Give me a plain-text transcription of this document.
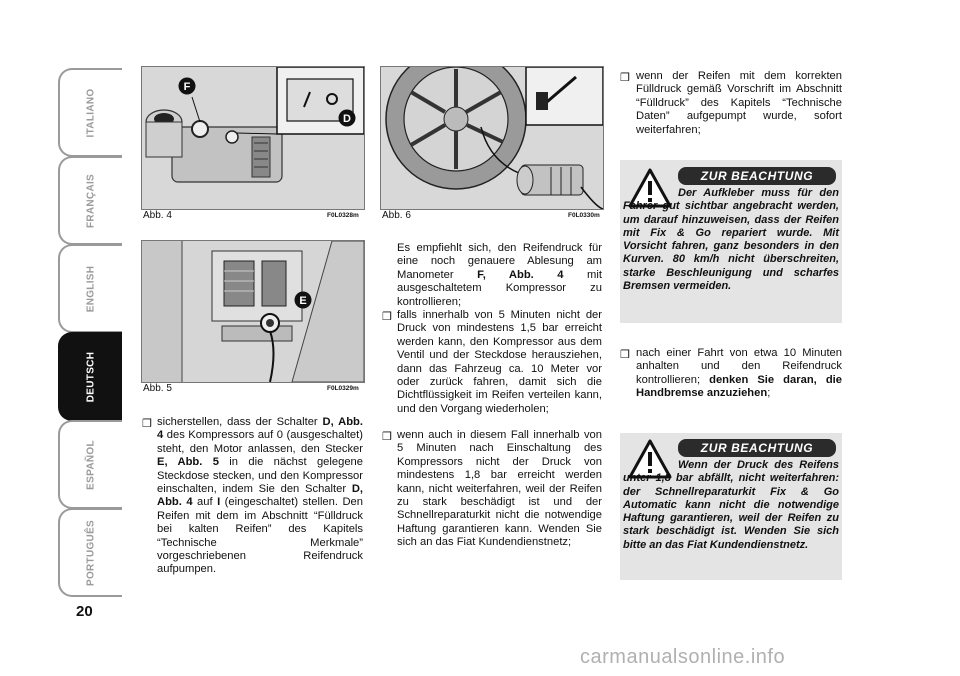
ITALIANO
FRANÇAIS
ENGLISH
DEUTSCH
ESPAÑOL
PORTUGUÊS
20
F
D
Abb. 4	F0L0328m
E
Abb. 5	F0L0329m
Abb. 6	F0L0330m
❒ sicherstellen, dass der Schalter D, Abb. 4 des Kompressors auf 0 (ausgeschaltet) steht, den Motor anlassen, den Stecker E, Abb. 5 in die nächst gelegene Steckdose stecken, und den Kompressor einschalten, indem Sie den Schalter D, Abb. 4 auf I (eingeschaltet) stellen. Den Reifen mit dem im Abschnitt “Fülldruck bei kalten Reifen” des Kapitels “Technische Merkmale” vorgeschriebenen Reifendruck aufpumpen.
Es empfiehlt sich, den Reifendruck für eine noch genauere Ablesung am Manometer F, Abb. 4 mit ausgeschaltetem Kompressor zu kontrollieren;
❒ falls innerhalb von 5 Minuten nicht der Druck von mindestens 1,5 bar erreicht werden kann, den Kompressor aus dem Ventil und der Steckdose herausziehen, dann das Fahrzeug ca. 10 Meter vor oder zurück fahren, damit sich die Dichtflüssigkeit im Reifen verteilen kann, und den Vorgang wiederholen;
❒ wenn auch in diesem Fall innerhalb von 5 Minuten nach Einschaltung des Kompressors nicht der Druck von mindestens 1,8 bar erreicht werden kann, nicht weiterfahren, weil der Reifen zu stark beschädigt ist und der Schnellreparaturkit nicht die notwendige Haftung garantieren kann. Wenden Sie sich an das Fiat Kundendienstnetz;
❒ wenn der Reifen mit dem korrekten Fülldruck gemäß Vorschrift im Abschnitt “Fülldruck” des Kapitels “Technische Daten” aufgepumpt wurde, sofort weiterfahren;
ZUR BEACHTUNG
Der Aufkleber muss für den Fahrer gut sichtbar angebracht werden, um darauf hinzuweisen, dass der Reifen mit Fix & Go repariert wurde. Mit Vorsicht fahren, ganz besonders in den Kurven. 80 km/h nicht überschreiten, starke Beschleunigung und scharfes Bremsen vermeiden.
❒ nach einer Fahrt von etwa 10 Minuten anhalten und den Reifendruck kontrollieren; denken Sie daran, die Handbremse anzuziehen;
ZUR BEACHTUNG
Wenn der Druck des Reifens unter 1,8 bar abfällt, nicht weiterfahren: der Schnellreparaturkit Fix & Go Automatic kann nicht die notwendige Haftung garantieren, weil der Reifen zu stark beschädigt ist. Wenden Sie sich bitte an das Fiat Kundendienstnetz.
carmanualsonline.info
